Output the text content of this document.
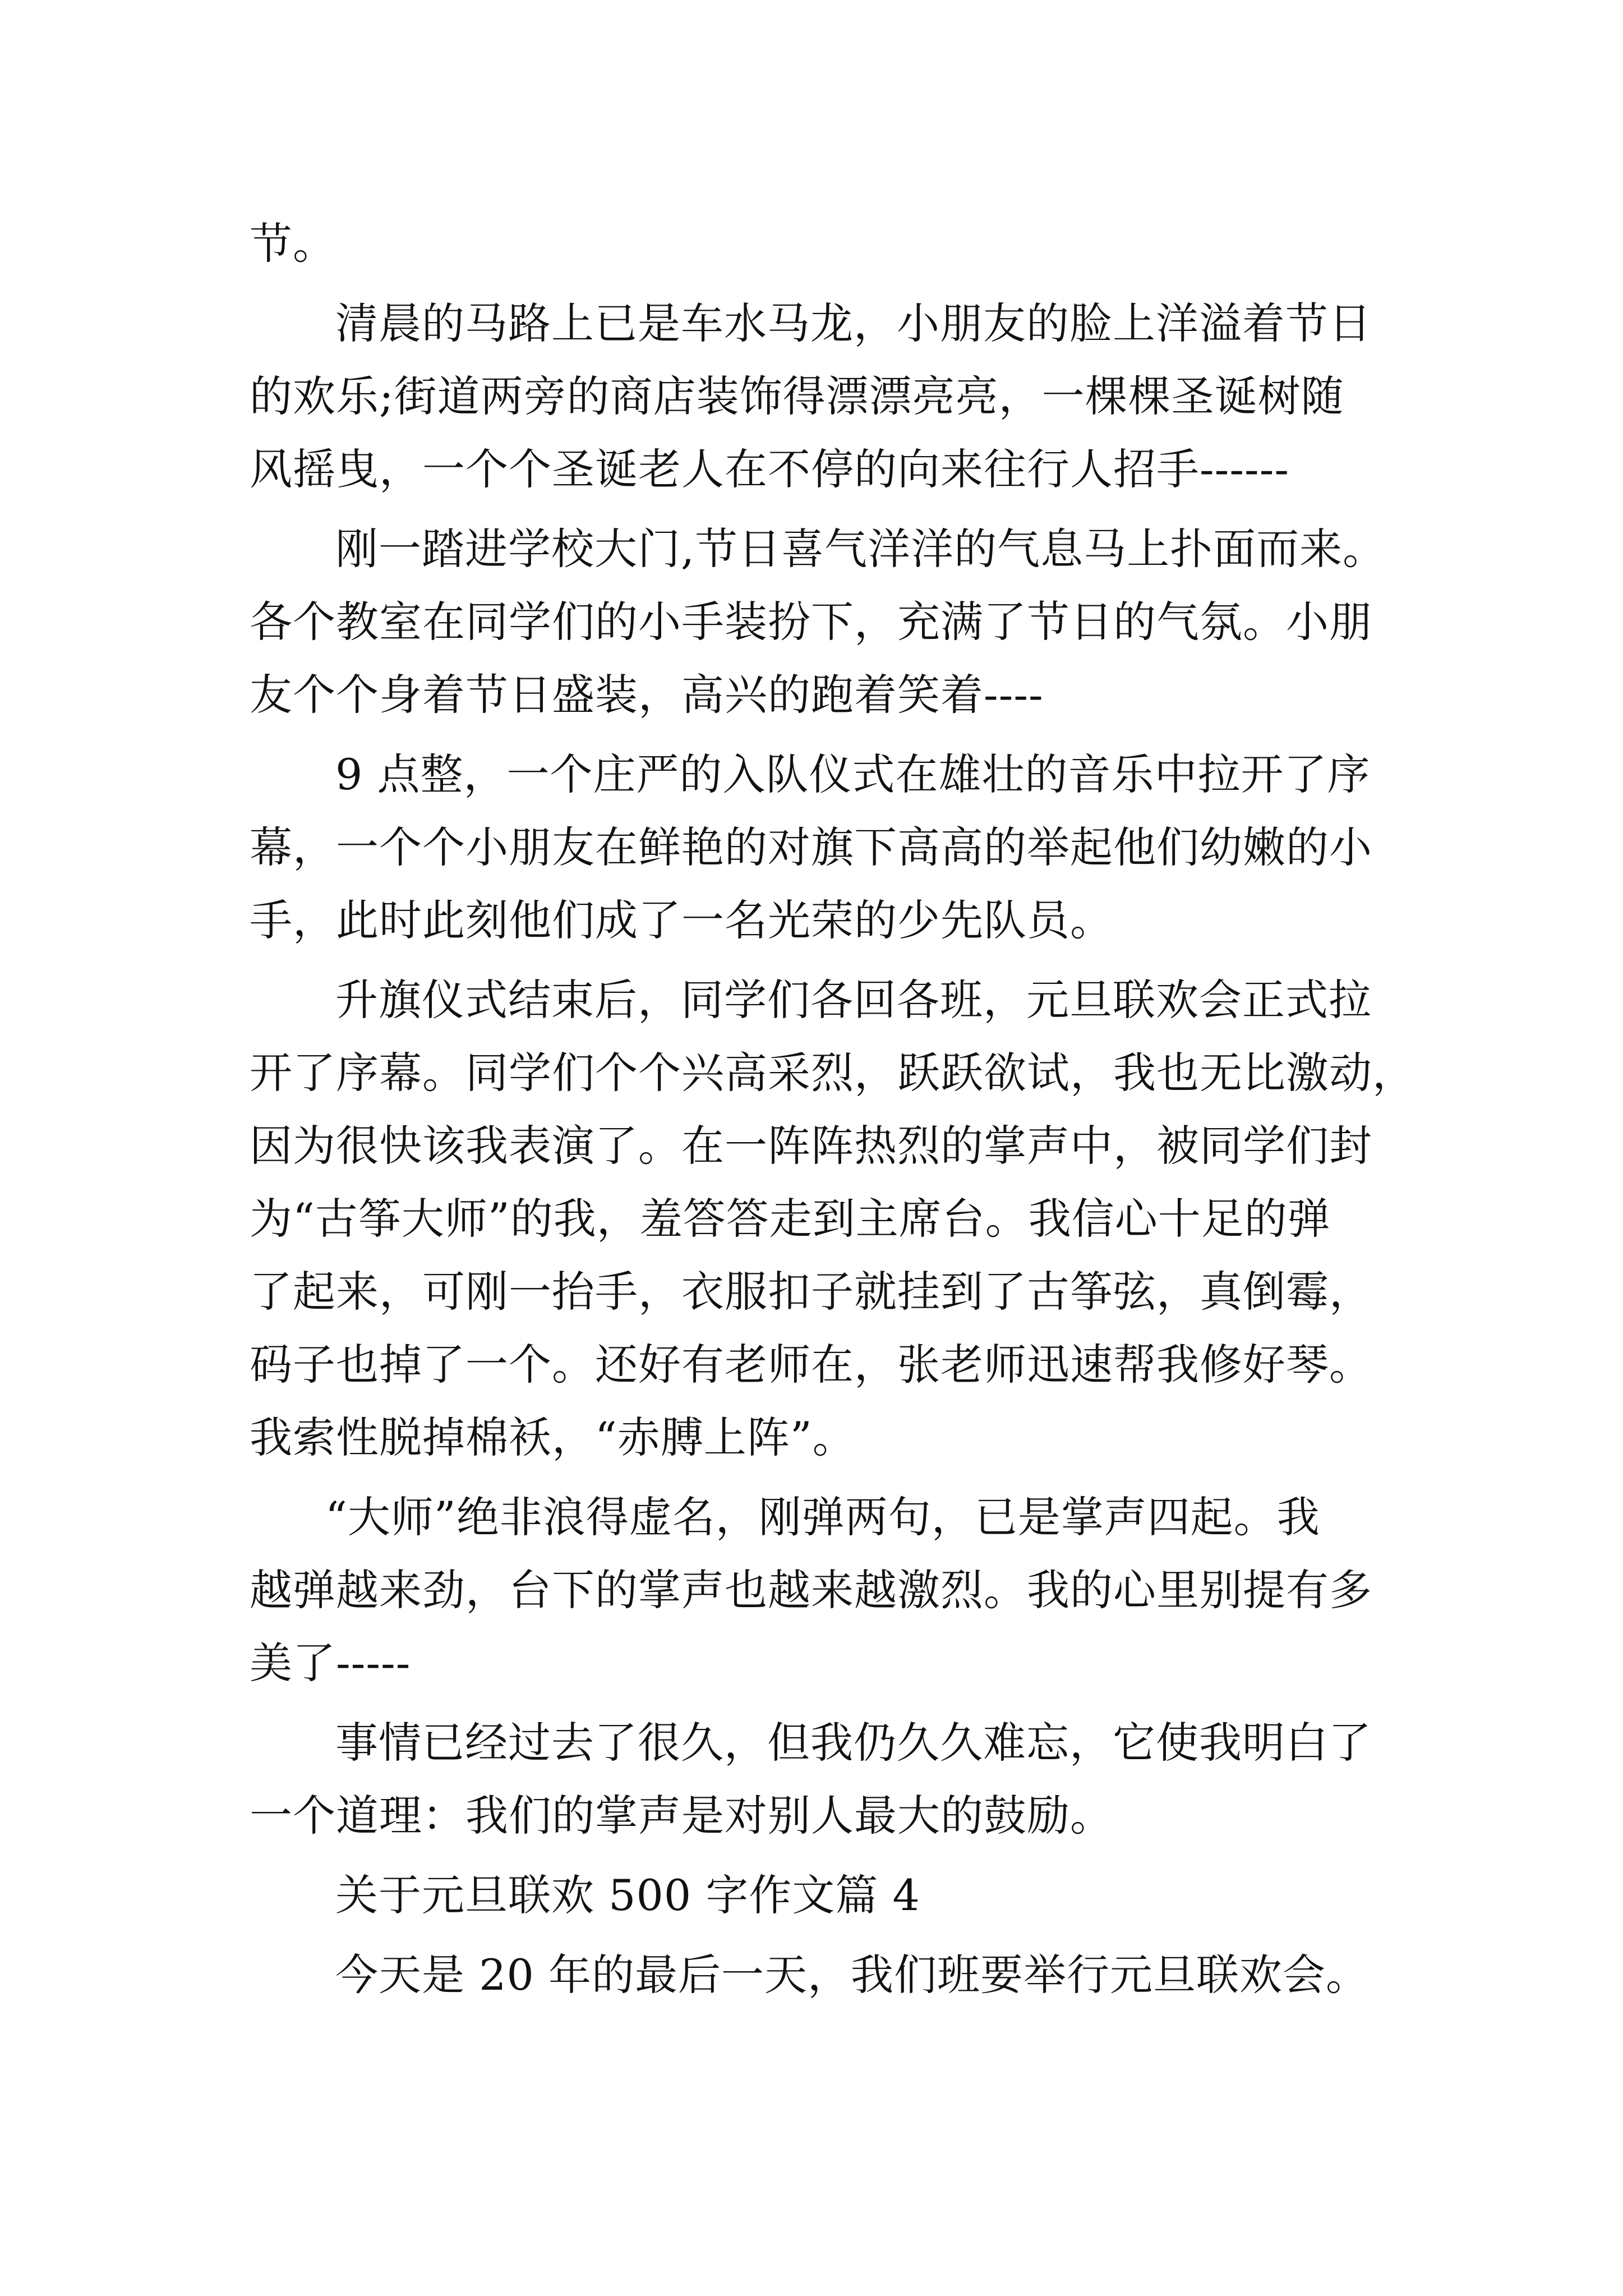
节。
清晨的马路上已是车水马龙，小朋友的脸上洋溢着节日
的欢乐;街道两旁的商店装饰得漂漂亮亮，一棵棵圣诞树随
风摇曳，一个个圣诞老人在不停的向来往行人招手------
刚一踏进学校大门,节日喜气洋洋的气息马上扑面而来。
各个教室在同学们的小手装扮下，充满了节日的气氛。小朋
友个个身着节日盛装，高兴的跑着笑着----
9 点整，一个庄严的入队仪式在雄壮的音乐中拉开了序
幕，一个个小朋友在鲜艳的对旗下高高的举起他们幼嫩的小
手，此时此刻他们成了一名光荣的少先队员。
升旗仪式结束后，同学们各回各班，元旦联欢会正式拉
开了序幕。同学们个个兴高采烈，跃跃欲试，我也无比激动，
因为很快该我表演了。在一阵阵热烈的掌声中，被同学们封
为“古筝大师”的我，羞答答走到主席台。我信心十足的弹
了起来，可刚一抬手，衣服扣子就挂到了古筝弦，真倒霉，
码子也掉了一个。还好有老师在，张老师迅速帮我修好琴。
我索性脱掉棉袄，“赤膊上阵”。
“大师”绝非浪得虚名，刚弹两句，已是掌声四起。我
越弹越来劲，台下的掌声也越来越激烈。我的心里别提有多
美了-----
事情已经过去了很久，但我仍久久难忘，它使我明白了
一个道理：我们的掌声是对别人最大的鼓励。
关于元旦联欢 500 字作文篇 4
今天是 20 年的最后一天，我们班要举行元旦联欢会。
